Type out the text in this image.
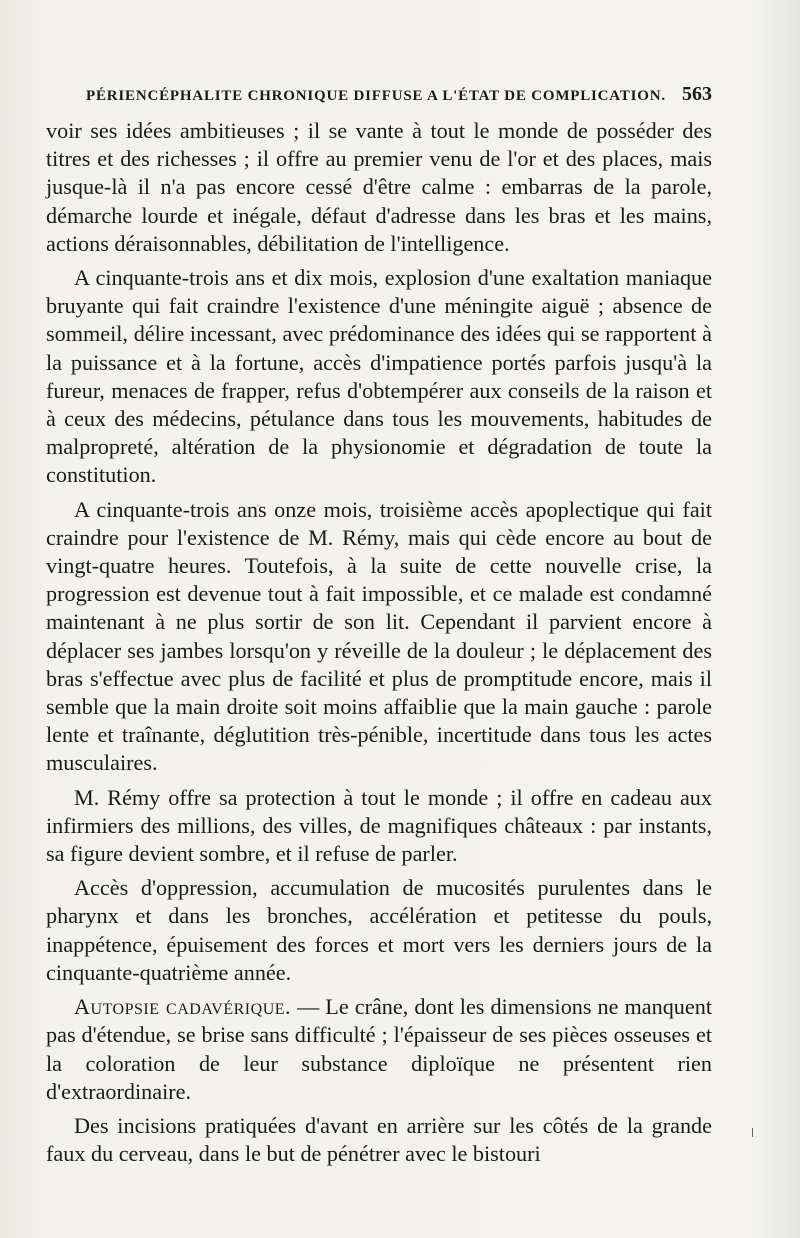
PÉRIENCÉPHALITE CHRONIQUE DIFFUSE A L'ÉTAT DE COMPLICATION. 563

voir ses idées ambitieuses ; il se vante à tout le monde de posséder des titres et des richesses ; il offre au premier venu de l'or et des places, mais jusque-là il n'a pas encore cessé d'être calme : embarras de la parole, démarche lourde et inégale, défaut d'adresse dans les bras et les mains, actions déraisonnables, débilitation de l'intelligence.

A cinquante-trois ans et dix mois, explosion d'une exaltation maniaque bruyante qui fait craindre l'existence d'une méningite aiguë ; absence de sommeil, délire incessant, avec prédominance des idées qui se rapportent à la puissance et à la fortune, accès d'impatience portés parfois jusqu'à la fureur, menaces de frapper, refus d'obtempérer aux conseils de la raison et à ceux des médecins, pétulance dans tous les mouvements, habitudes de malpropreté, altération de la physionomie et dégradation de toute la constitution.

A cinquante-trois ans onze mois, troisième accès apoplectique qui fait craindre pour l'existence de M. Rémy, mais qui cède encore au bout de vingt-quatre heures. Toutefois, à la suite de cette nouvelle crise, la progression est devenue tout à fait impossible, et ce malade est condamné maintenant à ne plus sortir de son lit. Cependant il parvient encore à déplacer ses jambes lorsqu'on y réveille de la douleur ; le déplacement des bras s'effectue avec plus de facilité et plus de promptitude encore, mais il semble que la main droite soit moins affaiblie que la main gauche : parole lente et traînante, déglutition très-pénible, incertitude dans tous les actes musculaires.

M. Rémy offre sa protection à tout le monde ; il offre en cadeau aux infirmiers des millions, des villes, de magnifiques châteaux : par instants, sa figure devient sombre, et il refuse de parler.

Accès d'oppression, accumulation de mucosités purulentes dans le pharynx et dans les bronches, accélération et petitesse du pouls, inappétence, épuisement des forces et mort vers les derniers jours de la cinquante-quatrième année.

Autopsie cadavérique. — Le crâne, dont les dimensions ne manquent pas d'étendue, se brise sans difficulté ; l'épaisseur de ses pièces osseuses et la coloration de leur substance diploïque ne présentent rien d'extraordinaire.

Des incisions pratiquées d'avant en arrière sur les côtés de la grande faux du cerveau, dans le but de pénétrer avec le bistouri
